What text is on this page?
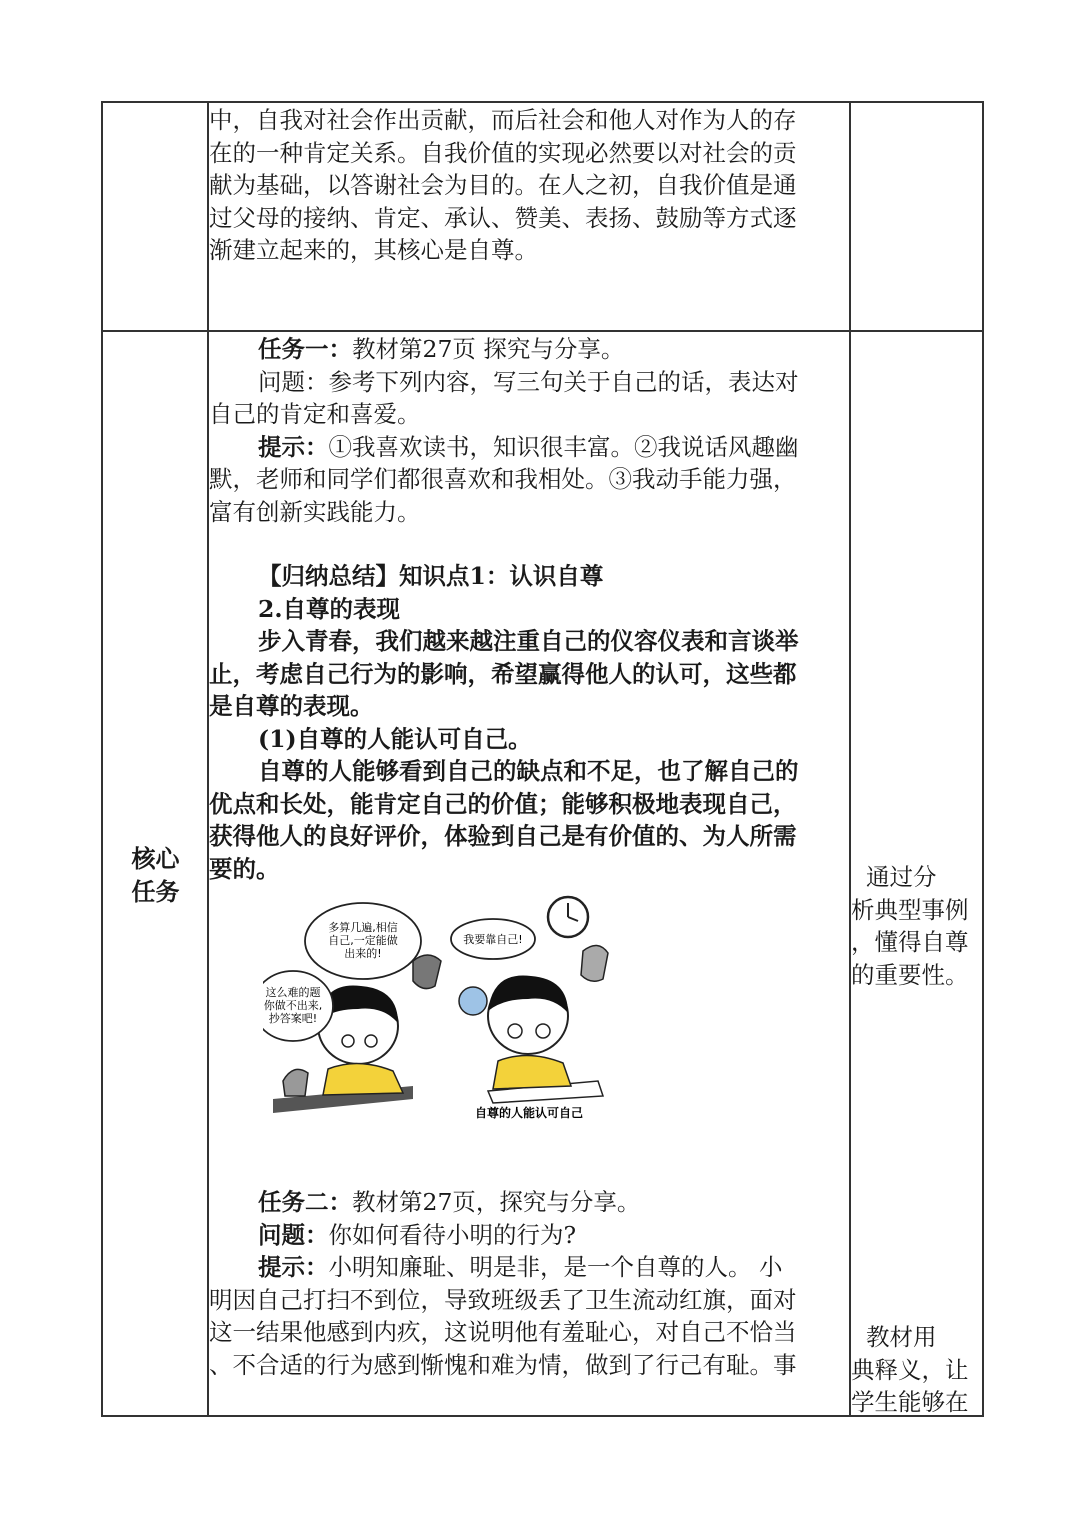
中，自我对社会作出贡献，而后社会和他人对作为人的存

在的一种肯定关系。自我价值的实现必然要以对社会的贡

献为基础，以答谢社会为目的。在人之初，自我价值是通

过父母的接纳、肯定、承认、赞美、表扬、鼓励等方式逐

渐建立起来的，其核心是自尊。

核心
任务

任务一：教材第27页 探究与分享。

问题：参考下列内容，写三句关于自己的话，表达对

自己的肯定和喜爱。

提示：①我喜欢读书，知识很丰富。②我说话风趣幽

默，老师和同学们都很喜欢和我相处。③我动手能力强，

富有创新实践能力。

【归纳总结】知识点1：认识自尊

2.自尊的表现

步入青春，我们越来越注重自己的仪容仪表和言谈举

止，考虑自己行为的影响，希望赢得他人的认可，这些都

是自尊的表现。

(1)自尊的人能认可自己。

自尊的人能够看到自己的缺点和不足，也了解自己的

优点和长处，能肯定自己的价值；能够积极地表现自己，

获得他人的良好评价，体验到自己是有价值的、为人所需

要的。

多算几遍,相信
自己,一定能做
出来的!
这么难的题
你做不出来,
抄答案吧!
我要靠自己!
自尊的人能认可自己

任务二：教材第27页，探究与分享。

问题：你如何看待小明的行为?

提示：小明知廉耻、明是非，是一个自尊的人。 小

明因自己打扫不到位，导致班级丢了卫生流动红旗，面对

这一结果他感到内疚，这说明他有羞耻心，对自己不恰当

、不合适的行为感到惭愧和难为情，做到了行己有耻。事

通过分

析典型事例

，懂得自尊

的重要性。

教材用

典释义，让

学生能够在
